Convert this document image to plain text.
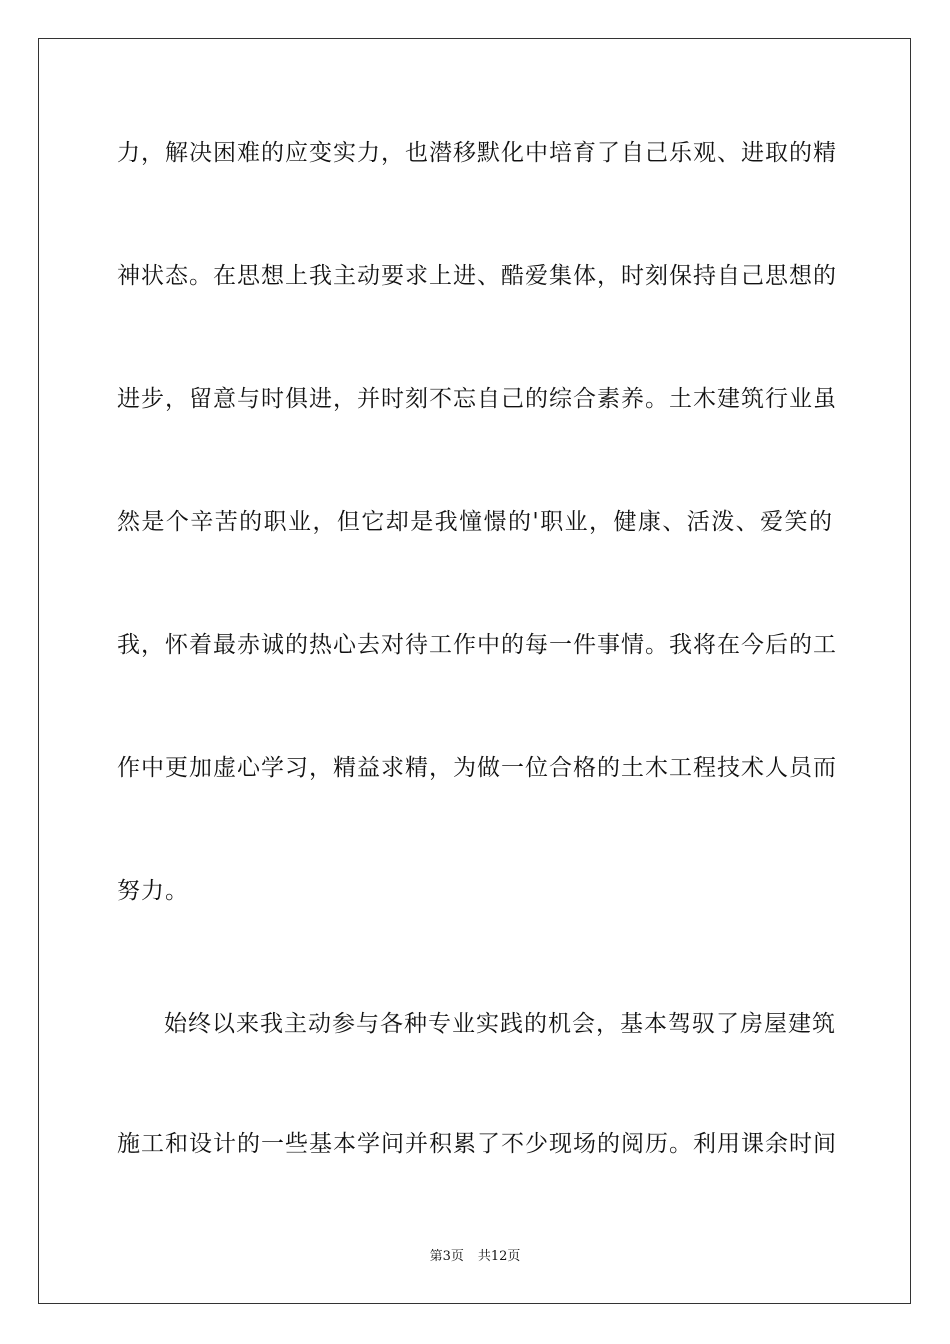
力，解决困难的应变实力，也潜移默化中培育了自己乐观、进取的精
神状态。在思想上我主动要求上进、酷爱集体，时刻保持自己思想的
进步，留意与时俱进，并时刻不忘自己的综合素养。土木建筑行业虽
然是个辛苦的职业，但它却是我憧憬的'职业，健康、活泼、爱笑的
我，怀着最赤诚的热心去对待工作中的每一件事情。我将在今后的工
作中更加虚心学习，精益求精，为做一位合格的土木工程技术人员而
努力。
始终以来我主动参与各种专业实践的机会，基本驾驭了房屋建筑
施工和设计的一些基本学问并积累了不少现场的阅历。利用课余时间
第3页 共12页
